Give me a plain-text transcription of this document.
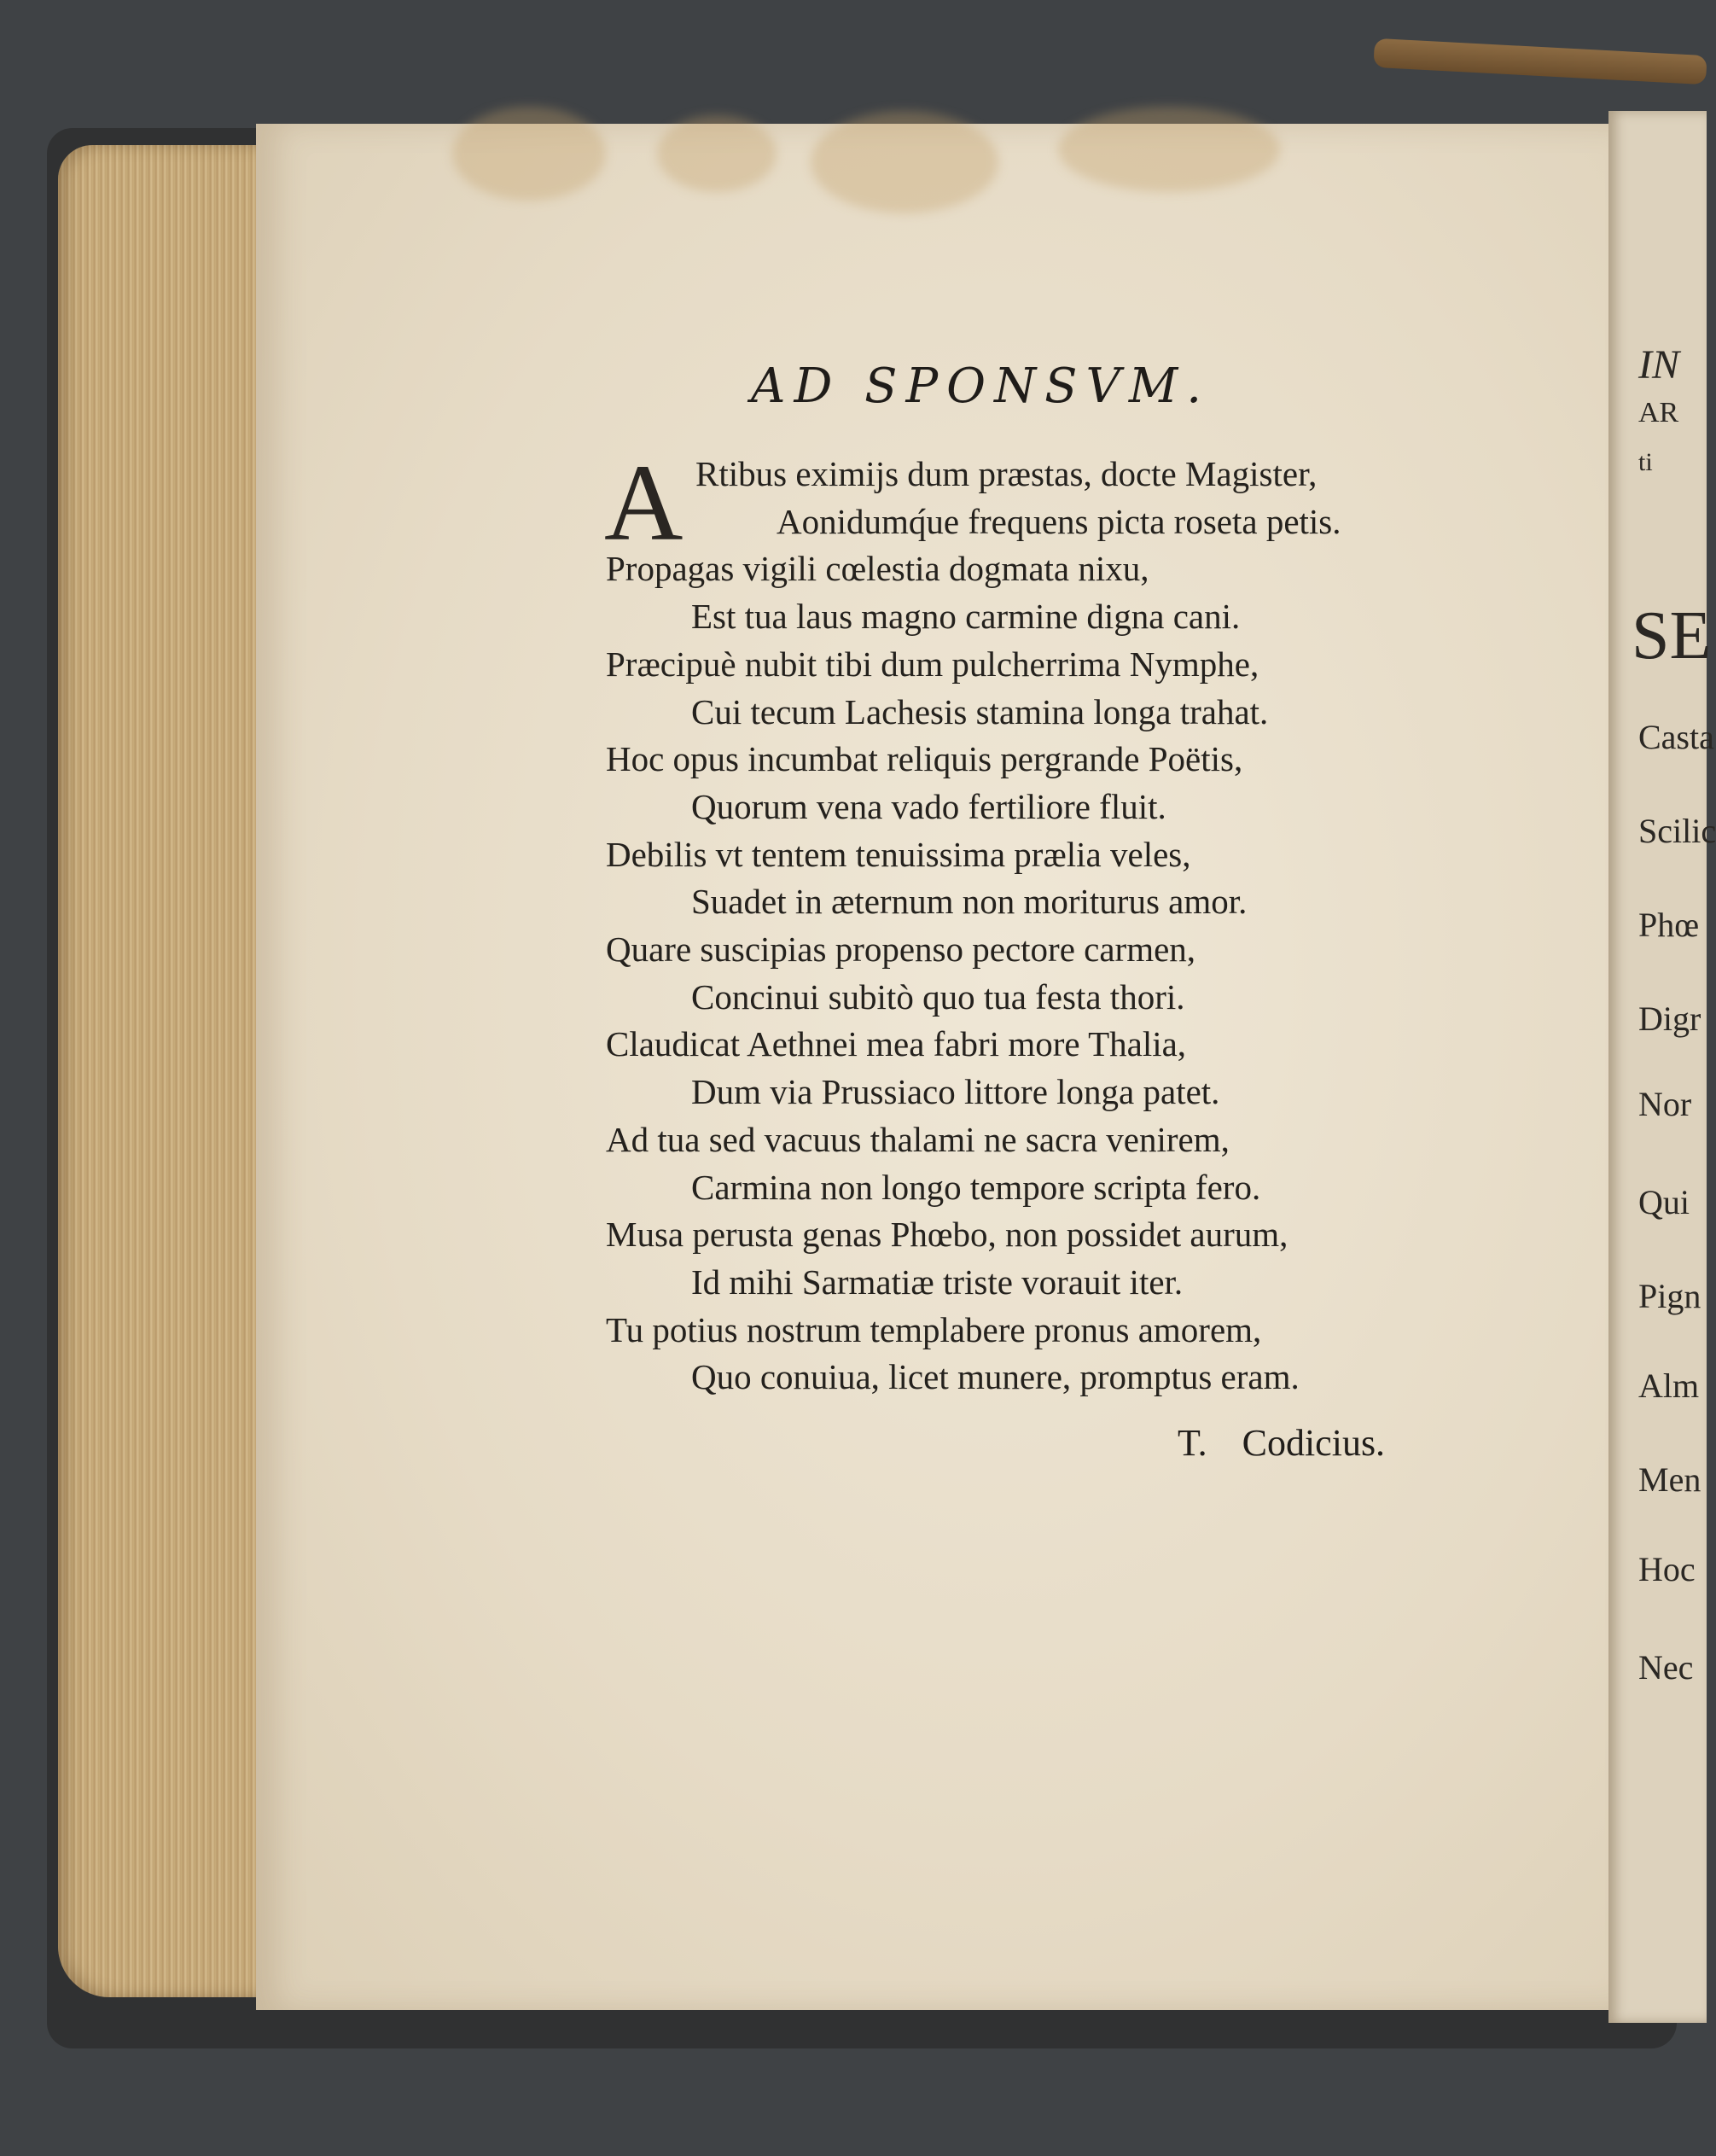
IN
AR
ti
SE
Casta
Scilic
Phœ
Digr
Nor
Qui
Pign
Alm
Men
Hoc
Nec
AD SPONSVM.
A Rtibus eximijs dum præstas, docte Magister,
Aonidumq́ue frequens picta roseta petis.
Propagas vigili cœlestia dogmata nixu,
Est tua laus magno carmine digna cani.
Præcipuè nubit tibi dum pulcherrima Nymphe,
Cui tecum Lachesis stamina longa trahat.
Hoc opus incumbat reliquis pergrande Poëtis,
Quorum vena vado fertiliore fluit.
Debilis vt tentem tenuissima prælia veles,
Suadet in æternum non moriturus amor.
Quare suscipias propenso pectore carmen,
Concinui subitò quo tua festa thori.
Claudicat Aethnei mea fabri more Thalia,
Dum via Prussiaco littore longa patet.
Ad tua sed vacuus thalami ne sacra venirem,
Carmina non longo tempore scripta fero.
Musa perusta genas Phœbo, non possidet aurum,
Id mihi Sarmatiæ triste vorauit iter.
Tu potius nostrum templabere pronus amorem,
Quo conuiua, licet munere, promptus eram.
T. Codicius.
